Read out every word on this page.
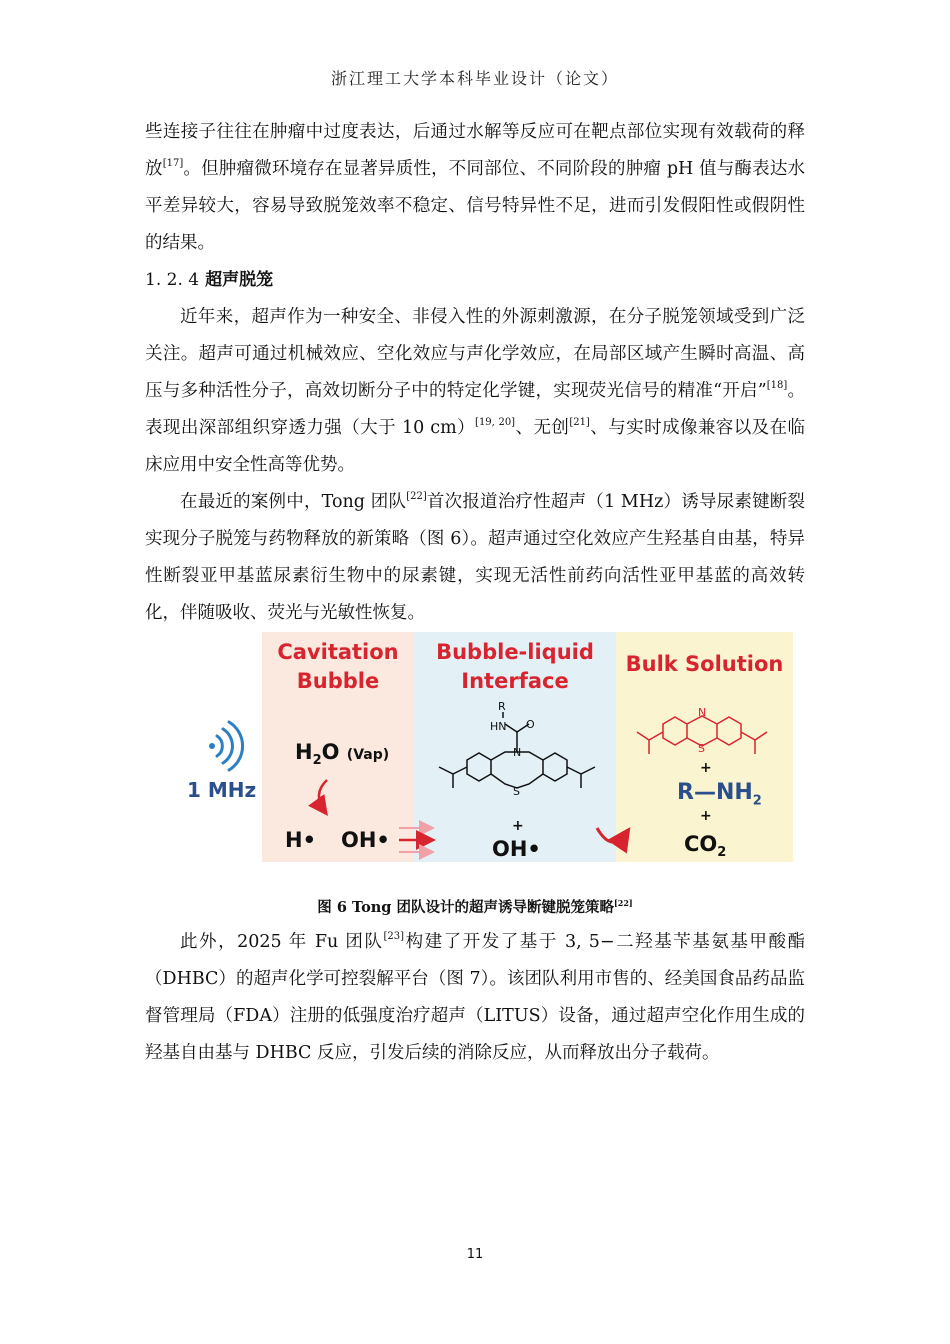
浙江理工大学本科毕业设计（论文）

些连接子往往在肿瘤中过度表达，后通过水解等反应可在靶点部位实现有效载荷的释放[17]。但肿瘤微环境存在显著异质性，不同部位、不同阶段的肿瘤 pH 值与酶表达水平差异较大，容易导致脱笼效率不稳定、信号特异性不足，进而引发假阳性或假阴性的结果。

1. 2. 4 超声脱笼

近年来，超声作为一种安全、非侵入性的外源刺激源，在分子脱笼领域受到广泛关注。超声可通过机械效应、空化效应与声化学效应，在局部区域产生瞬时高温、高压与多种活性分子，高效切断分子中的特定化学键，实现荧光信号的精准“开启”[18]。表现出深部组织穿透力强（大于 10 cm）[19, 20]、无创[21]、与实时成像兼容以及在临床应用中安全性高等优势。

在最近的案例中，Tong 团队[22]首次报道治疗性超声（1 MHz）诱导尿素键断裂实现分子脱笼与药物释放的新策略（图 6）。超声通过空化效应产生羟基自由基，特异性断裂亚甲基蓝尿素衍生物中的尿素键，实现无活性前药向活性亚甲基蓝的高效转化，伴随吸收、荧光与光敏性恢复。

Cavitation
Bubble
Bubble-liquid
Interface
Bulk Solution
R
HN O
N
S
N
S
1 MHz
$H_2O$ (Vap)
H• OH•
+
OH•
+
$R—NH_2$
+
$CO_2$
图 6 Tong 团队设计的超声诱导断键脱笼策略[22]

此外，2025 年 Fu 团队[23]构建了开发了基于 3, 5−二羟基苄基氨基甲酸酯（DHBC）的超声化学可控裂解平台（图 7）。该团队利用市售的、经美国食品药品监督管理局（FDA）注册的低强度治疗超声（LITUS）设备，通过超声空化作用生成的羟基自由基与 DHBC 反应，引发后续的消除反应，从而释放出分子载荷。

11
